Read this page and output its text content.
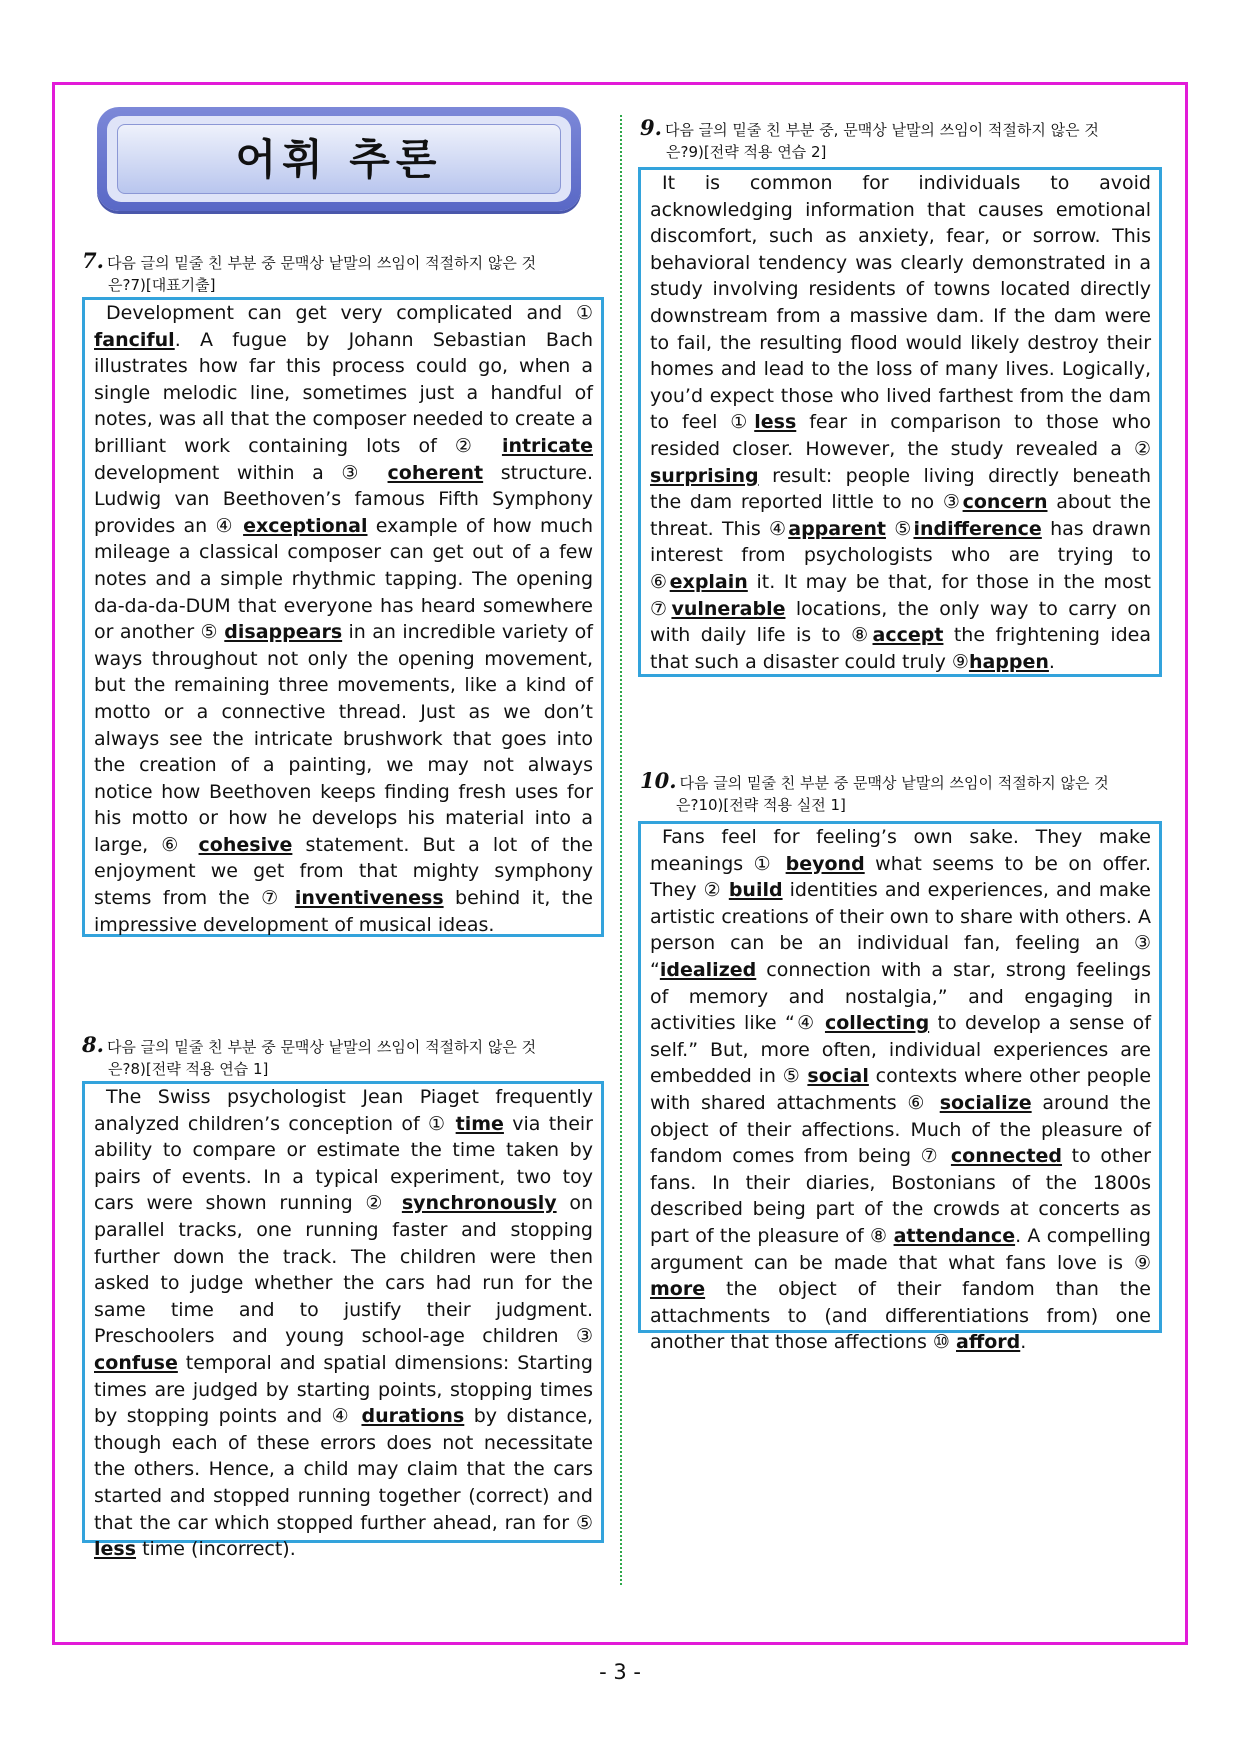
어휘 추론
7. 다음 글의 밑줄 친 부분 중 문맥상 낱말의 쓰임이 적절하지 않은 것
은?7)[대표기출]

Development can get very complicated and ① fanciful. A fugue by Johann Sebastian Bach illustrates how far this process could go, when a single melodic line, sometimes just a handful of notes, was all that the composer needed to create a brilliant work containing lots of ② intricate development within a ③ coherent structure. Ludwig van Beethoven’s famous Fifth Symphony provides an ④ exceptional example of how much mileage a classical composer can get out of a few notes and a simple rhythmic tapping. The opening da-da-da-DUM that everyone has heard somewhere or another ⑤ disappears in an incredible variety of ways throughout not only the opening movement, but the remaining three movements, like a kind of motto or a connective thread. Just as we don’t always see the intricate brushwork that goes into the creation of a painting, we may not always notice how Beethoven keeps finding fresh uses for his motto or how he develops his material into a large, ⑥ cohesive statement. But a lot of the enjoyment we get from that mighty symphony stems from the ⑦ inventiveness behind it, the impressive development of musical ideas.

8. 다음 글의 밑줄 친 부분 중 문맥상 낱말의 쓰임이 적절하지 않은 것
은?8)[전략 적용 연습 1]

The Swiss psychologist Jean Piaget frequently analyzed children’s conception of ① time via their ability to compare or estimate the time taken by pairs of events. In a typical experiment, two toy cars were shown running ② synchronously on parallel tracks, one running faster and stopping further down the track. The children were then asked to judge whether the cars had run for the same time and to justify their judgment. Preschoolers and young school-age children ③ confuse temporal and spatial dimensions: Starting times are judged by starting points, stopping times by stopping points and ④ durations by distance, though each of these errors does not necessitate the others. Hence, a child may claim that the cars started and stopped running together (correct) and that the car which stopped further ahead, ran for ⑤ less time (incorrect).

9. 다음 글의 밑줄 친 부분 중, 문맥상 낱말의 쓰임이 적절하지 않은 것
은?9)[전략 적용 연습 2]

It is common for individuals to avoid acknowledging information that causes emotional discomfort, such as anxiety, fear, or sorrow. This behavioral tendency was clearly demonstrated in a study involving residents of towns located directly downstream from a massive dam. If the dam were to fail, the resulting flood would likely destroy their homes and lead to the loss of many lives. Logically, you’d expect those who lived farthest from the dam to feel ①less fear in comparison to those who resided closer. However, the study revealed a ② surprising result: people living directly beneath the dam reported little to no ③concern about the threat. This ④apparent ⑤indifference has drawn interest from psychologists who are trying to ⑥explain it. It may be that, for those in the most ⑦vulnerable locations, the only way to carry on with daily life is to ⑧accept the frightening idea that such a disaster could truly ⑨happen.

10. 다음 글의 밑줄 친 부분 중 문맥상 낱말의 쓰임이 적절하지 않은 것
은?10)[전략 적용 실전 1]

Fans feel for feeling’s own sake. They make meanings ① beyond what seems to be on offer. They ② build identities and experiences, and make artistic creations of their own to share with others. A person can be an individual fan, feeling an ③ “idealized connection with a star, strong feelings of memory and nostalgia,” and engaging in activities like “④ collecting to develop a sense of self.” But, more often, individual experiences are embedded in ⑤ social contexts where other people with shared attachments ⑥ socialize around the object of their affections. Much of the pleasure of fandom comes from being ⑦ connected to other fans. In their diaries, Bostonians of the 1800s described being part of the crowds at concerts as part of the pleasure of ⑧ attendance. A compelling argument can be made that what fans love is ⑨ more the object of their fandom than the attachments to (and differentiations from) one another that those affections ⑩ afford.

- 3 -
